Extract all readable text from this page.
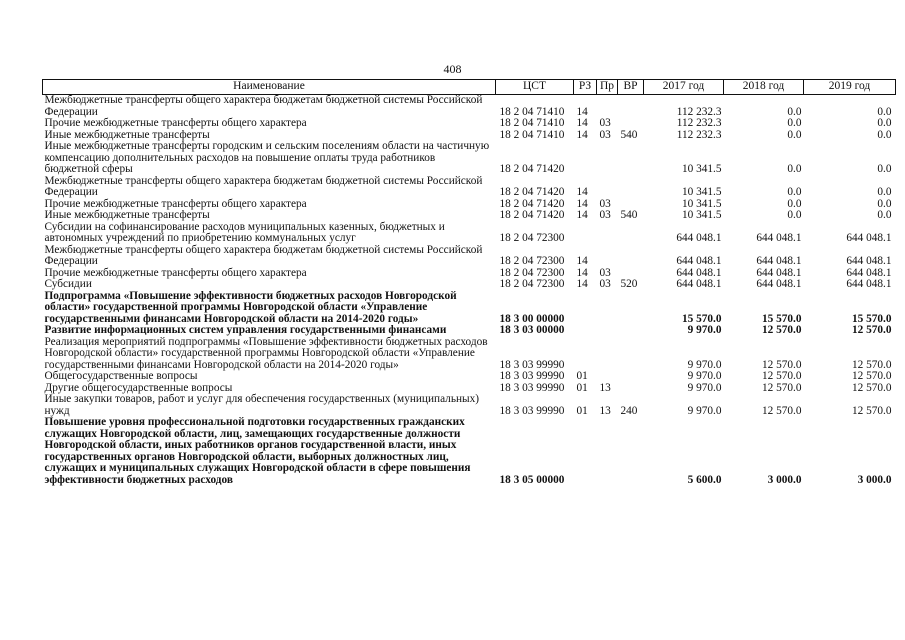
408
Наименование	ЦСТ	РЗ	Пр	ВР	2017 год	2018 год	2019 год
Межбюджетные трансферты общего характера бюджетам бюджетной системы Российской Федерации	18 2 04 71410	14			112 232.3	0.0	0.0
Прочие межбюджетные трансферты общего характера	18 2 04 71410	14	03		112 232.3	0.0	0.0
Иные межбюджетные трансферты	18 2 04 71410	14	03	540	112 232.3	0.0	0.0
Иные межбюджетные трансферты городским и сельским поселениям области на частичную компенсацию дополнительных расходов на повышение оплаты труда работников бюджетной сферы	18 2 04 71420				10 341.5	0.0	0.0
Межбюджетные трансферты общего характера бюджетам бюджетной системы Российской Федерации	18 2 04 71420	14			10 341.5	0.0	0.0
Прочие межбюджетные трансферты общего характера	18 2 04 71420	14	03		10 341.5	0.0	0.0
Иные межбюджетные трансферты	18 2 04 71420	14	03	540	10 341.5	0.0	0.0
Субсидии на софинансирование расходов муниципальных казенных, бюджетных и автономных учреждений по приобретению коммунальных услуг	18 2 04 72300				644 048.1	644 048.1	644 048.1
Межбюджетные трансферты общего характера бюджетам бюджетной системы Российской Федерации	18 2 04 72300	14			644 048.1	644 048.1	644 048.1
Прочие межбюджетные трансферты общего характера	18 2 04 72300	14	03		644 048.1	644 048.1	644 048.1
Субсидии	18 2 04 72300	14	03	520	644 048.1	644 048.1	644 048.1
Подпрограмма «Повышение эффективности бюджетных расходов Новгородской области» государственной программы Новгородской области «Управление государственными финансами Новгородской области на 2014-2020 годы»	18 3 00 00000				15 570.0	15 570.0	15 570.0
Развитие информационных систем управления государственными финансами	18 3 03 00000				9 970.0	12 570.0	12 570.0
Реализация мероприятий подпрограммы «Повышение эффективности бюджетных расходов Новгородской области» государственной программы Новгородской области «Управление государственными финансами Новгородской области на 2014-2020 годы»	18 3 03 99990				9 970.0	12 570.0	12 570.0
Общегосударственные вопросы	18 3 03 99990	01			9 970.0	12 570.0	12 570.0
Другие общегосударственные вопросы	18 3 03 99990	01	13		9 970.0	12 570.0	12 570.0
Иные закупки товаров, работ и услуг для обеспечения государственных (муниципальных) нужд	18 3 03 99990	01	13	240	9 970.0	12 570.0	12 570.0
Повышение уровня профессиональной подготовки государственных гражданских служащих Новгородской области, лиц, замещающих государственные должности Новгородской области, иных работников органов государственной власти, иных государственных органов Новгородской области, выборных должностных лиц, служащих и муниципальных служащих Новгородской области в сфере повышения эффективности бюджетных расходов	18 3 05 00000				5 600.0	3 000.0	3 000.0
